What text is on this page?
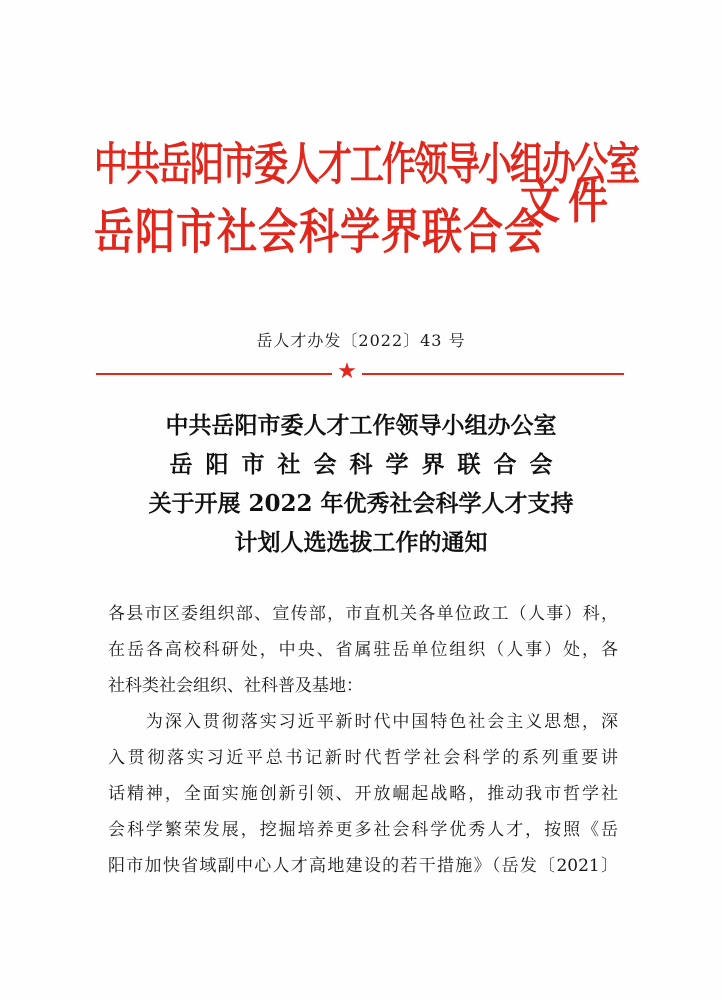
中共岳阳市委人才工作领导小组办公室
岳阳市社会科学界联合会
文件
岳人才办发〔2022〕43 号
★
中共岳阳市委人才工作领导小组办公室
岳阳市社会科学界联合会
关于开展 2022 年优秀社会科学人才支持
计划人选选拔工作的通知
各县市区委组织部、宣传部，市直机关各单位政工（人事）科，
在岳各高校科研处，中央、省属驻岳单位组织（人事）处，各
社科类社会组织、社科普及基地：
　　为深入贯彻落实习近平新时代中国特色社会主义思想，深
入贯彻落实习近平总书记新时代哲学社会科学的系列重要讲
话精神，全面实施创新引领、开放崛起战略，推动我市哲学社
会科学繁荣发展，挖掘培养更多社会科学优秀人才，按照《岳
阳市加快省域副中心人才高地建设的若干措施》（岳发〔2021〕
